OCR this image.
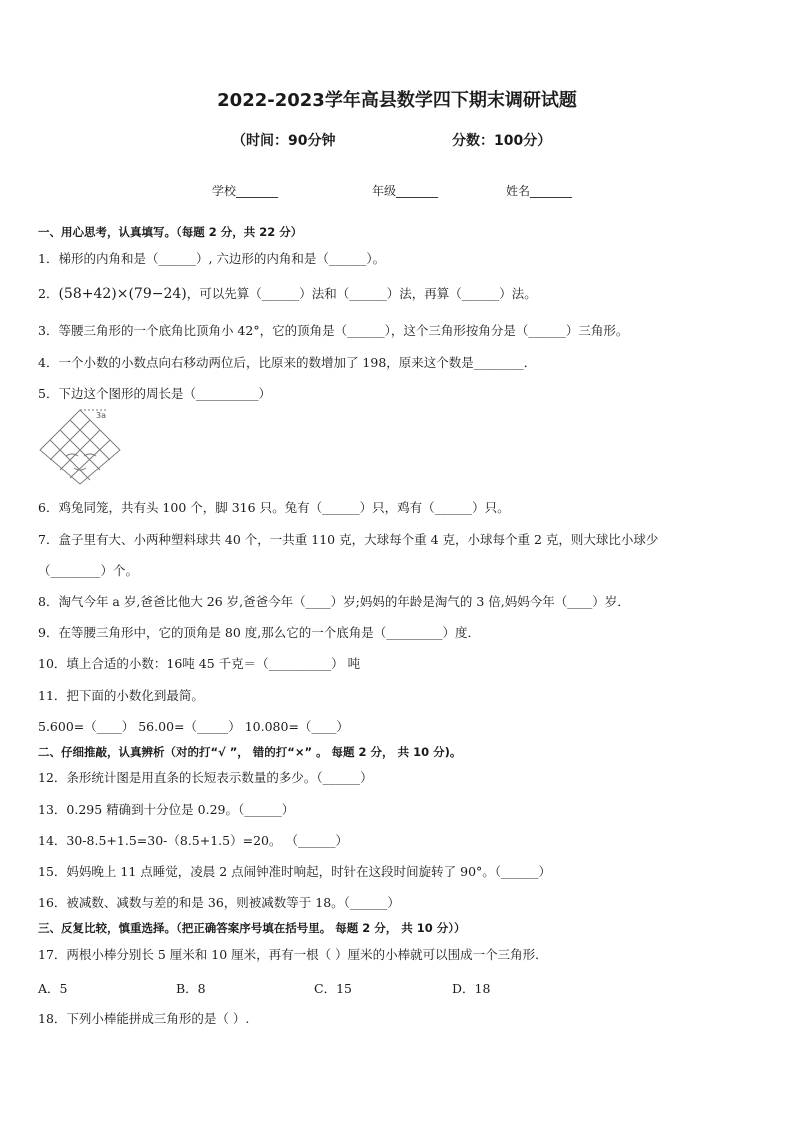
2022-2023学年高县数学四下期末调研试题
（时间：90分钟	分数：100分）
学校_______	年级_______	姓名_______
一、用心思考，认真填写。（每题 2 分，共 22 分）
1．梯形的内角和是（______）, 六边形的内角和是（______）。
2．(58+42)×(79−24)，可以先算（______）法和（______）法，再算（______）法。
3．等腰三角形的一个底角比顶角小 42°，它的顶角是（______），这个三角形按角分是（______）三角形。
4．一个小数的小数点向右移动两位后，比原来的数增加了 198，原来这个数是________．
5．下边这个图形的周长是（__________）
3a
6．鸡兔同笼，共有头 100 个，脚 316 只。兔有（______）只，鸡有（______）只。
7．盒子里有大、小两种塑料球共 40 个，一共重 110 克，大球每个重 4 克，小球每个重 2 克，则大球比小球少
（________）个。
8．淘气今年 a 岁,爸爸比他大 26 岁,爸爸今年（____）岁;妈妈的年龄是淘气的 3 倍,妈妈今年（____）岁．
9．在等腰三角形中，它的顶角是 80 度,那么它的一个底角是（_________）度．
10．填上合适的小数：16吨 45 千克＝（__________） 吨
11．把下面的小数化到最简。
5.600=（____） 56.00=（_____） 10.080=（____）
二、仔细推敲，认真辨析（对的打“√ ”， 错的打“×” 。 每题 2 分， 共 10 分)。
12．条形统计图是用直条的长短表示数量的多少。（______）
13．0.295 精确到十分位是 0.29。（______）
14．30-8.5+1.5=30-（8.5+1.5）=20。 （______）
15．妈妈晚上 11 点睡觉，凌晨 2 点闹钟准时响起，时针在这段时间旋转了 90°。（______）
16．被减数、减数与差的和是 36，则被减数等于 18。（______）
三、反复比较，慎重选择。（把正确答案序号填在括号里。 每题 2 分， 共 10 分））
17．两根小棒分别长 5 厘米和 10 厘米，再有一根（ ）厘米的小棒就可以围成一个三角形．
A．5	B．8	C．15	D．18
18．下列小棒能拼成三角形的是（ ）.
